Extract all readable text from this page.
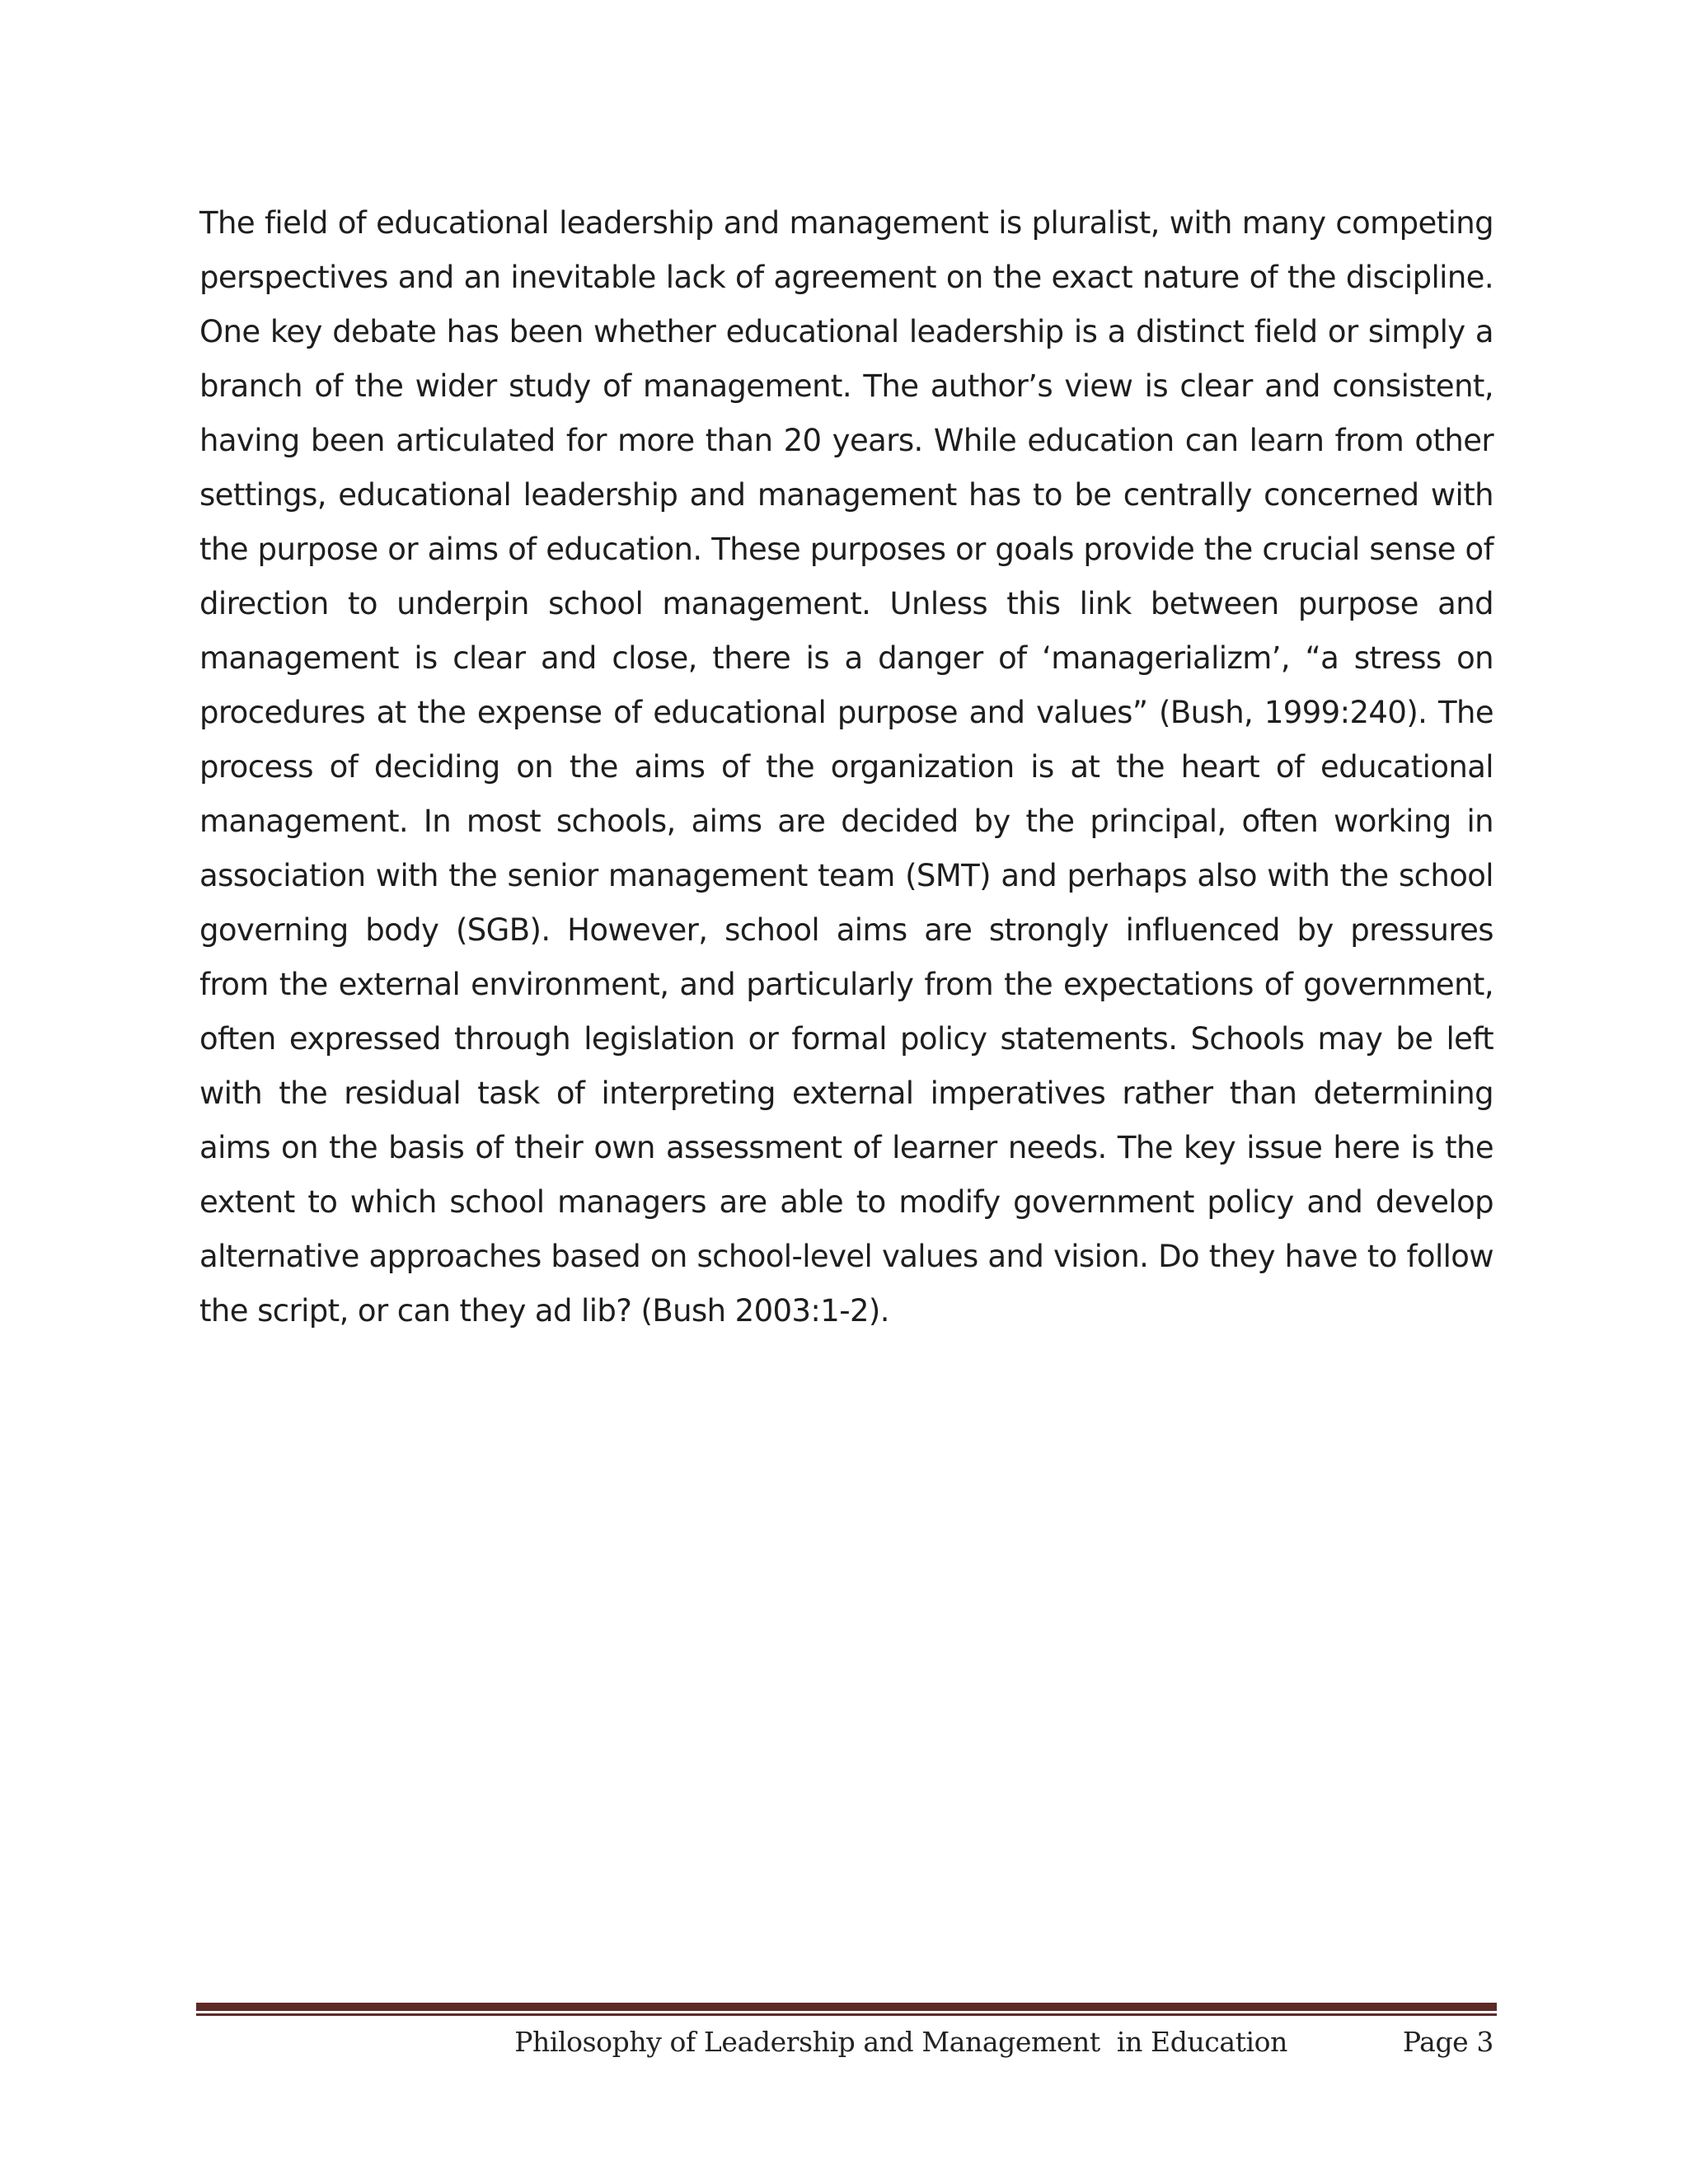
The field of educational leadership and management is pluralist, with many competing perspectives and an inevitable lack of agreement on the exact nature of the discipline. One key debate has been whether educational leadership is a distinct field or simply a branch of the wider study of management. The author’s view is clear and consistent, having been articulated for more than 20 years. While education can learn from other settings, educational leadership and management has to be centrally concerned with the purpose or aims of education. These purposes or goals provide the crucial sense of direction to underpin school management. Unless this link between purpose and management is clear and close, there is a danger of ‘managerializm’, “a stress on procedures at the expense of educational purpose and values” (Bush, 1999:240). The process of deciding on the aims of the organization is at the heart of educational management. In most schools, aims are decided by the principal, often working in association with the senior management team (SMT) and perhaps also with the school governing body (SGB). However, school aims are strongly influenced by pressures from the external environment, and particularly from the expectations of government, often expressed through legislation or formal policy statements. Schools may be left with the residual task of interpreting external imperatives rather than determining aims on the basis of their own assessment of learner needs. The key issue here is the extent to which school managers are able to modify government policy and develop alternative approaches based on school-level values and vision. Do they have to follow the script, or can they ad lib? (Bush 2003:1-2).

Philosophy of Leadership and Management  in Education	Page 3
